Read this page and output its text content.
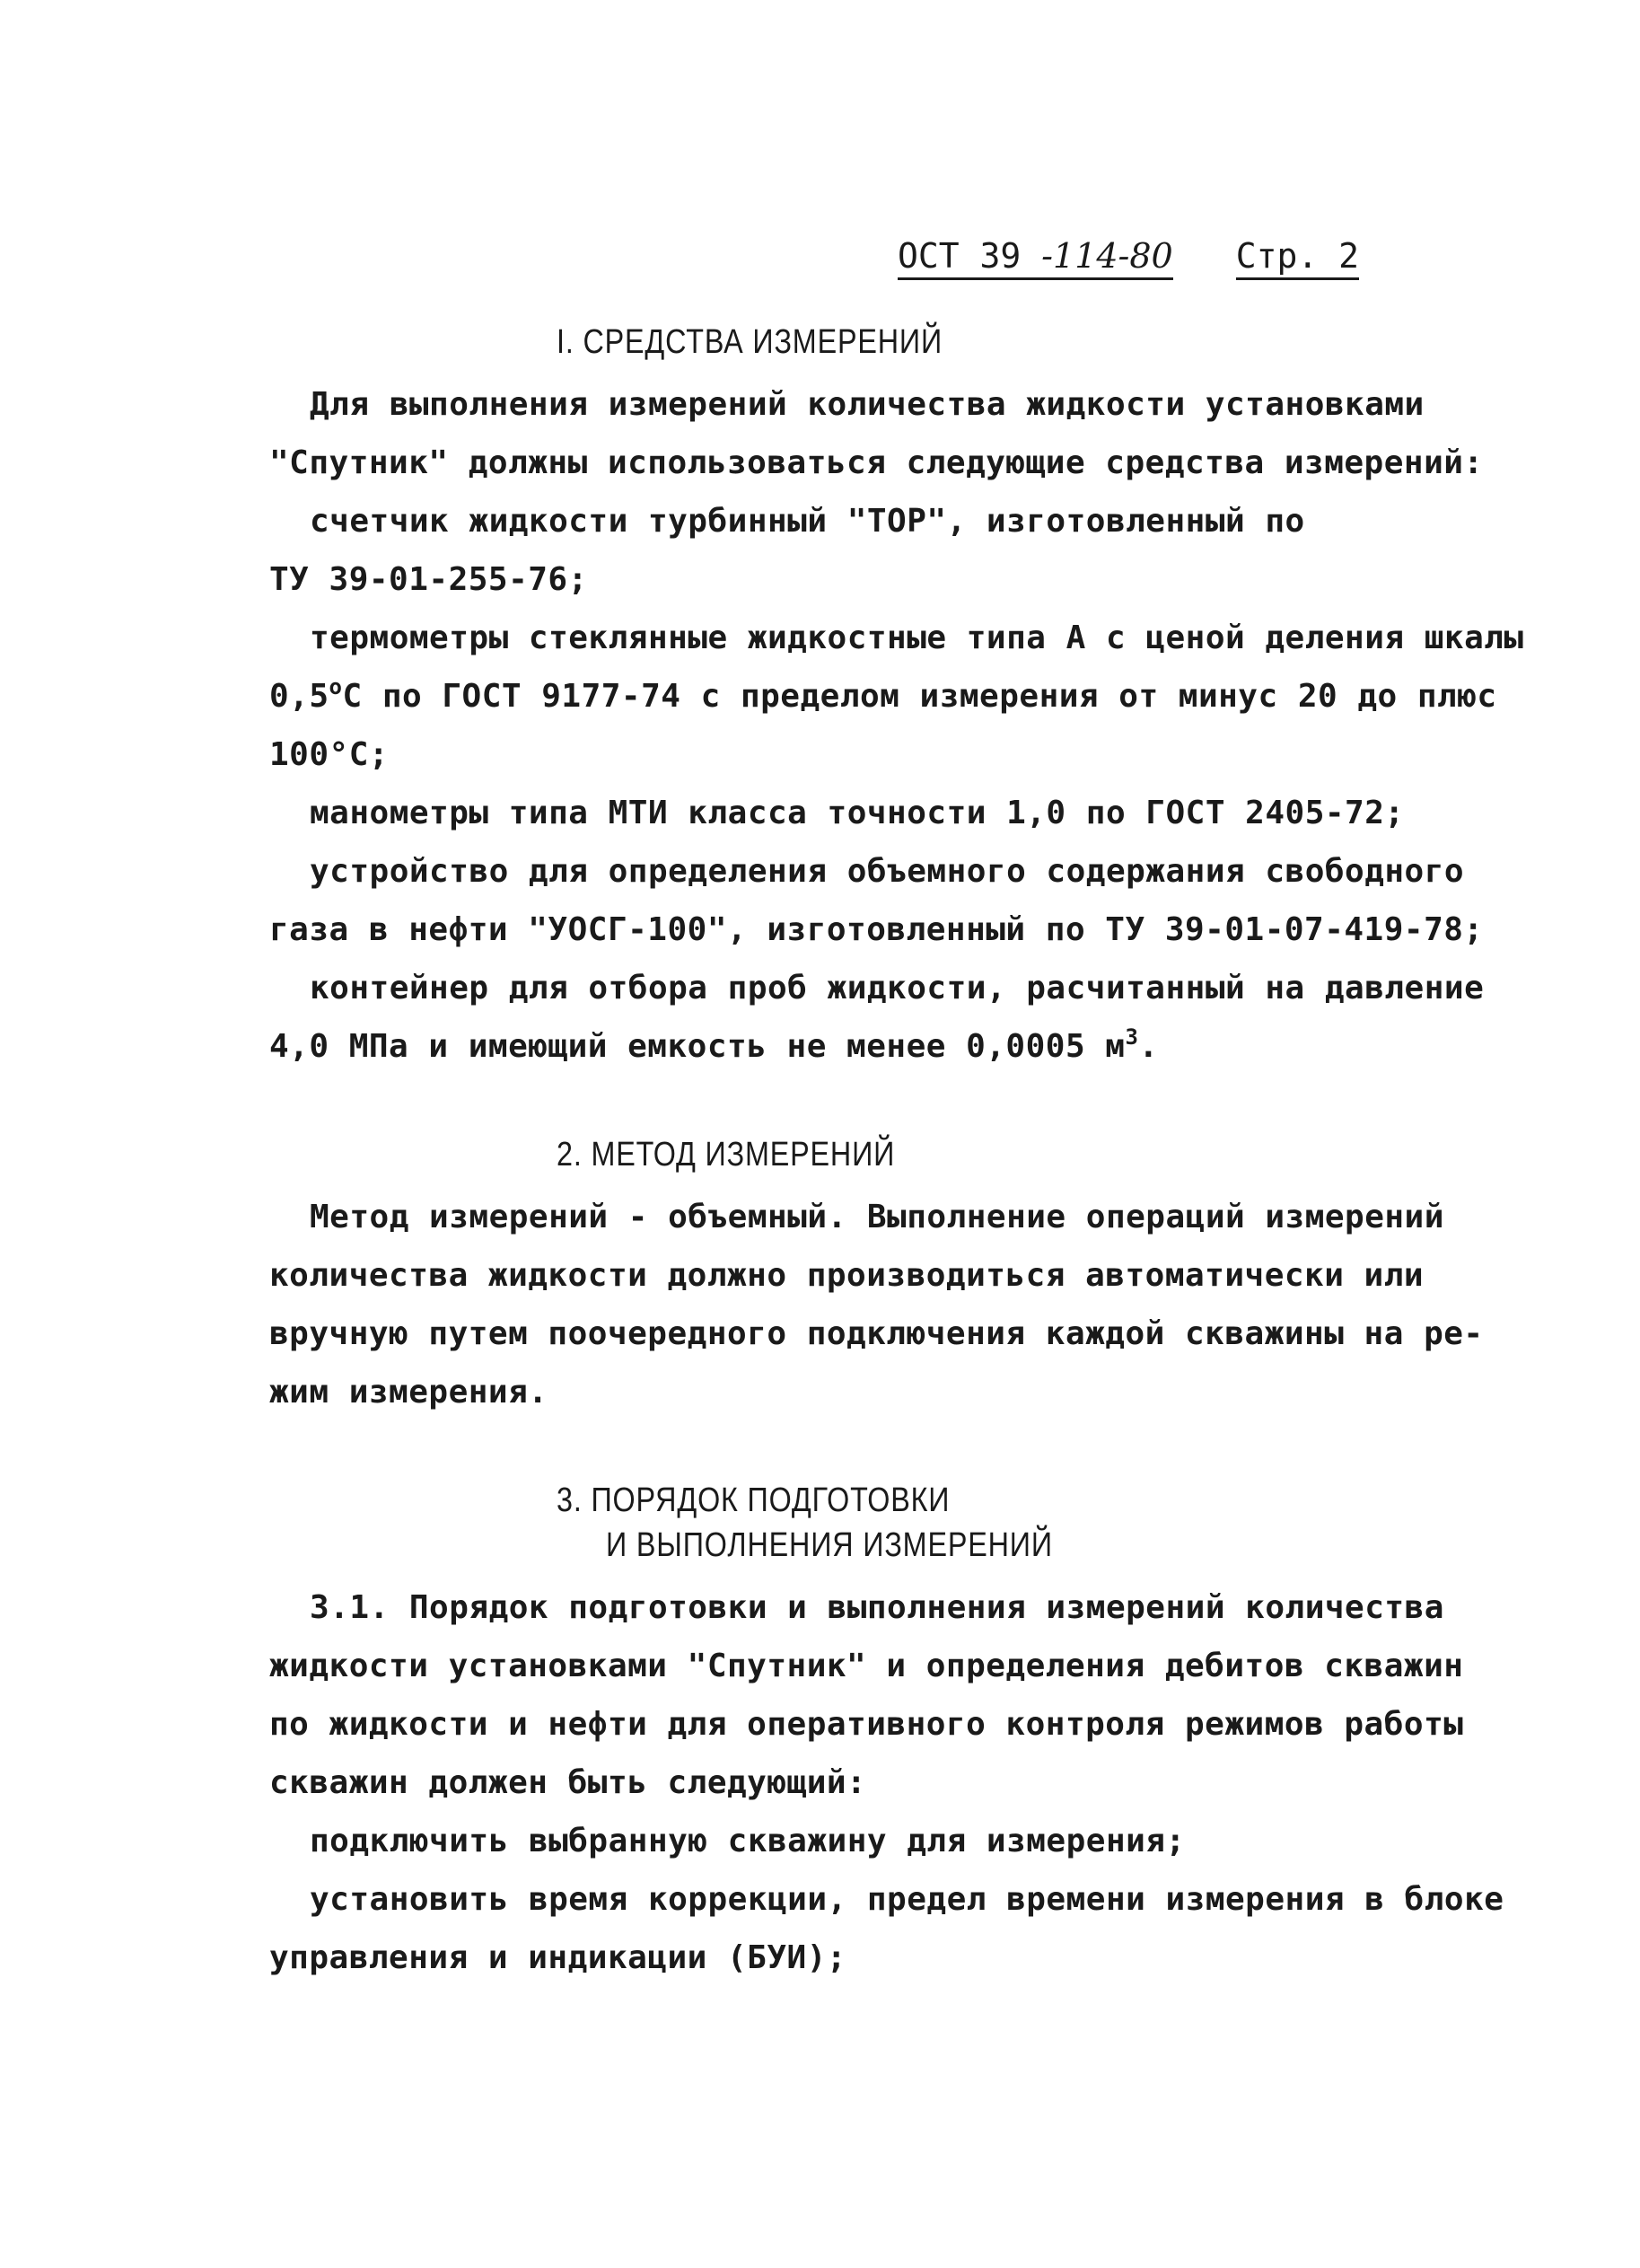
ОСТ 39 -114-80 Стр. 2
I. СРЕДСТВА ИЗМЕРЕНИЙ
Для выполнения измерений количества жидкости установками
"Спутник" должны использоваться следующие средства измерений:
счетчик жидкости турбинный "ТОР", изготовленный по
ТУ 39-01-255-76;
термометры стеклянные жидкостные типа А с ценой деления шкалы
$0,5^оС$ по ГОСТ 9177-74 с пределом измерения от минус 20 до плюс
100°С;
манометры типа МТИ класса точности 1,0 по ГОСТ 2405-72;
устройство для определения объемного содержания свободного
газа в нефти "УОСГ-100", изготовленный по ТУ 39-01-07-419-78;
контейнер для отбора проб жидкости, расчитанный на давление
4,0 МПа и имеющий емкость не менее 0,0005 $м^3$.
2. МЕТОД ИЗМЕРЕНИЙ
Метод измерений - объемный. Выполнение операций измерений
количества жидкости должно производиться автоматически или
вручную путем поочередного подключения каждой скважины на ре-
жим измерения.
3. ПОРЯДОК ПОДГОТОВКИ
И ВЫПОЛНЕНИЯ ИЗМЕРЕНИЙ
3.1. Порядок подготовки и выполнения измерений количества
жидкости установками "Спутник" и определения дебитов скважин
по жидкости и нефти для оперативного контроля режимов работы
скважин должен быть следующий:
подключить выбранную скважину для измерения;
установить время коррекции, предел времени измерения в блоке
управления и индикации (БУИ);
